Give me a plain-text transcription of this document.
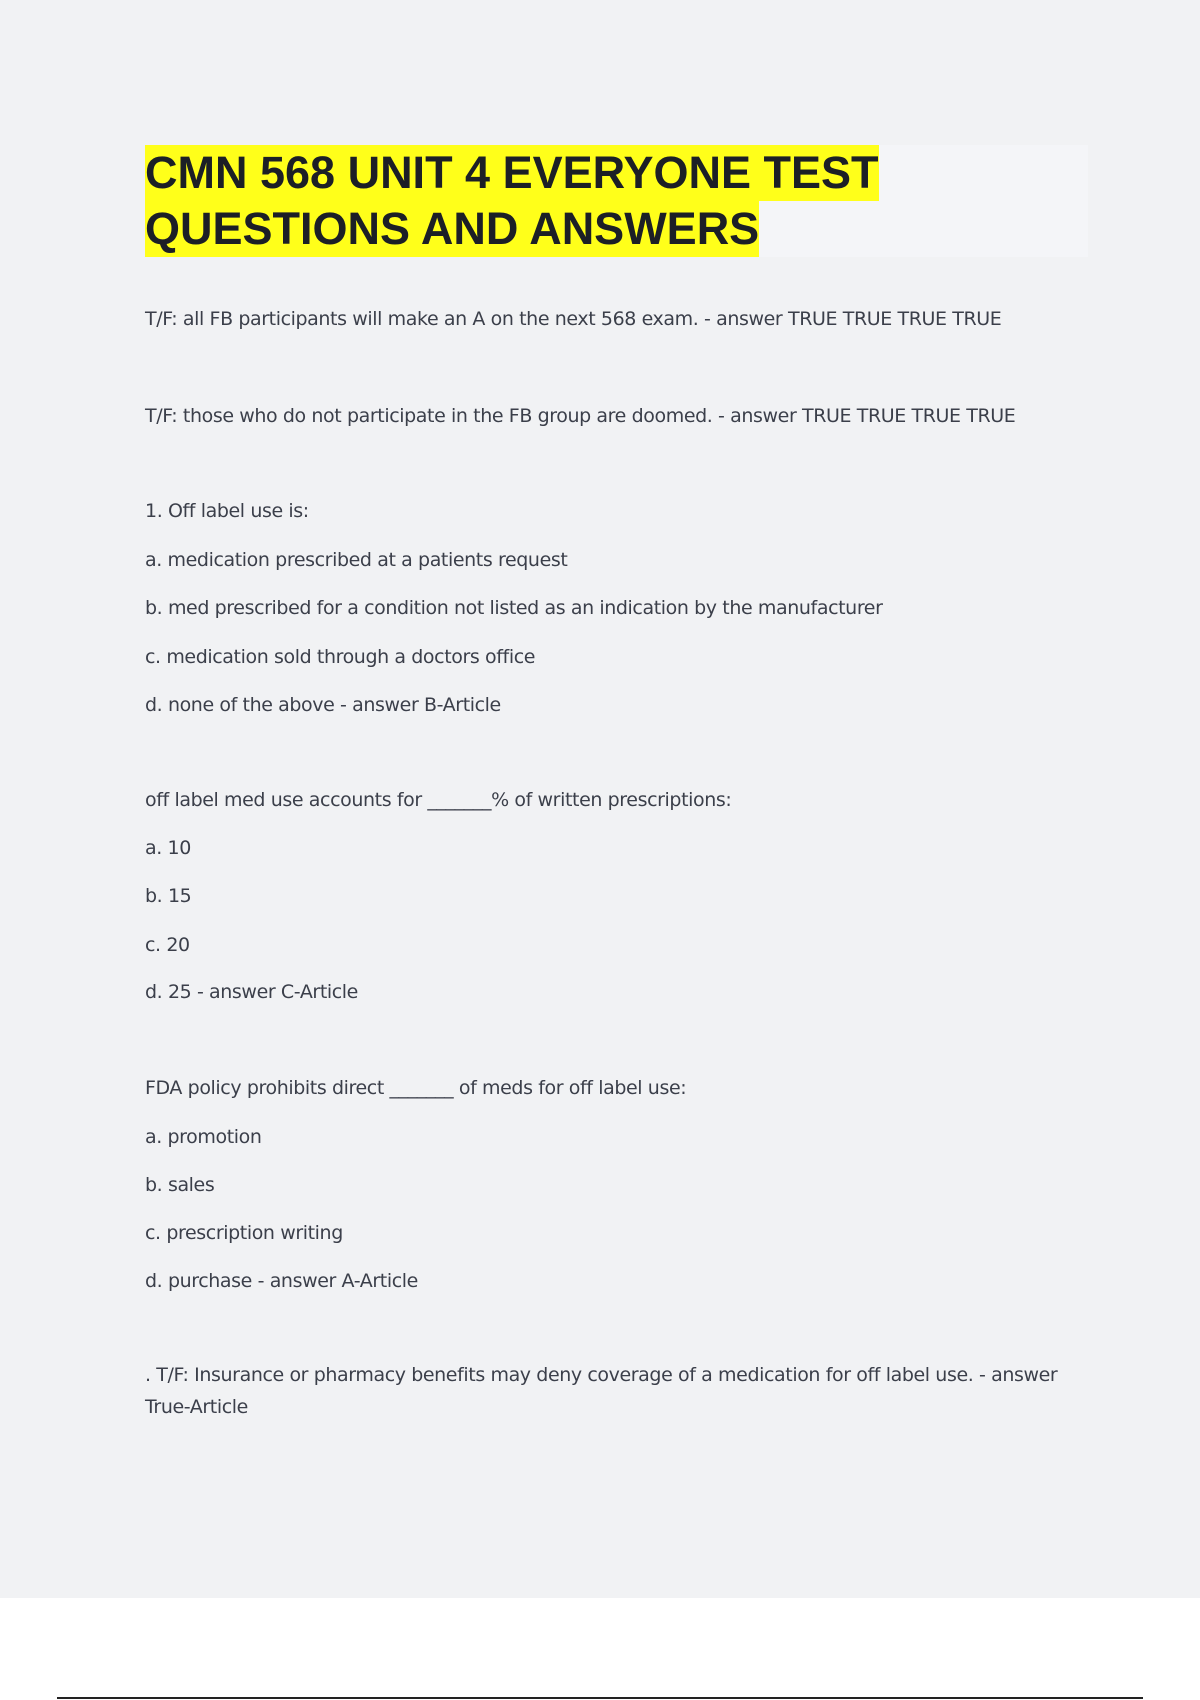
CMN 568 UNIT 4 EVERYONE TEST
QUESTIONS AND ANSWERS
T/F: all FB participants will make an A on the next 568 exam. - answer TRUE TRUE TRUE TRUE
T/F: those who do not participate in the FB group are doomed. - answer TRUE TRUE TRUE TRUE
1. Off label use is:
a. medication prescribed at a patients request
b. med prescribed for a condition not listed as an indication by the manufacturer
c. medication sold through a doctors office
d. none of the above - answer B-Article
off label med use accounts for _______% of written prescriptions:
a. 10
b. 15
c. 20
d. 25 - answer C-Article
FDA policy prohibits direct _______ of meds for off label use:
a. promotion
b. sales
c. prescription writing
d. purchase - answer A-Article
. T/F: Insurance or pharmacy benefits may deny coverage of a medication for off label use. - answer True-Article
